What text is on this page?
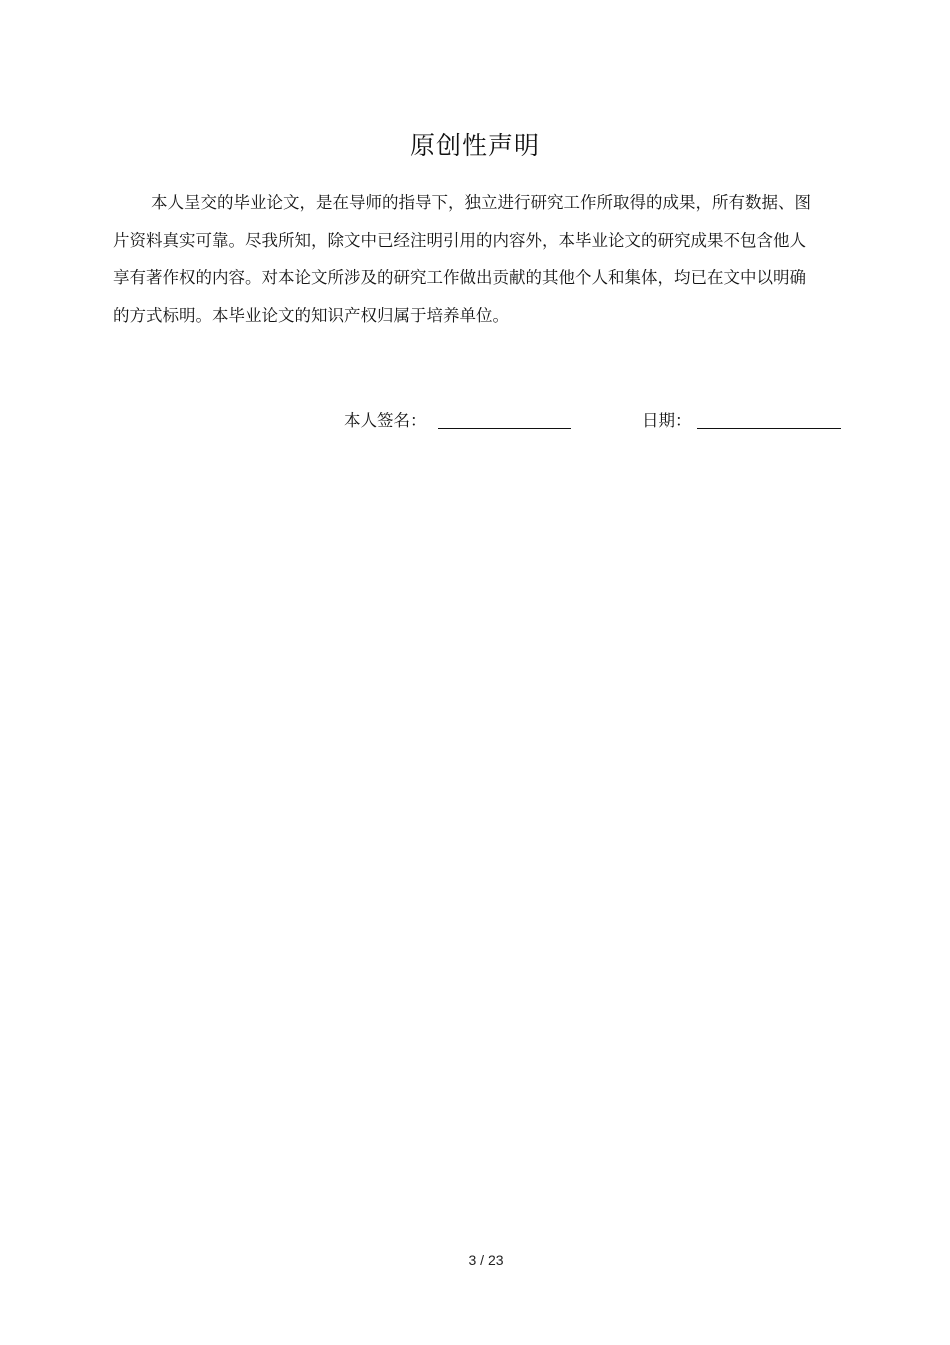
原创性声明

本人呈交的毕业论文，是在导师的指导下，独立进行研究工作所取得的成果，所有数据、图片资料真实可靠。尽我所知，除文中已经注明引用的内容外，本毕业论文的研究成果不包含他人享有著作权的内容。对本论文所涉及的研究工作做出贡献的其他个人和集体，均已在文中以明确的方式标明。本毕业论文的知识产权归属于培养单位。

本人签名：	日期：
3 / 23
